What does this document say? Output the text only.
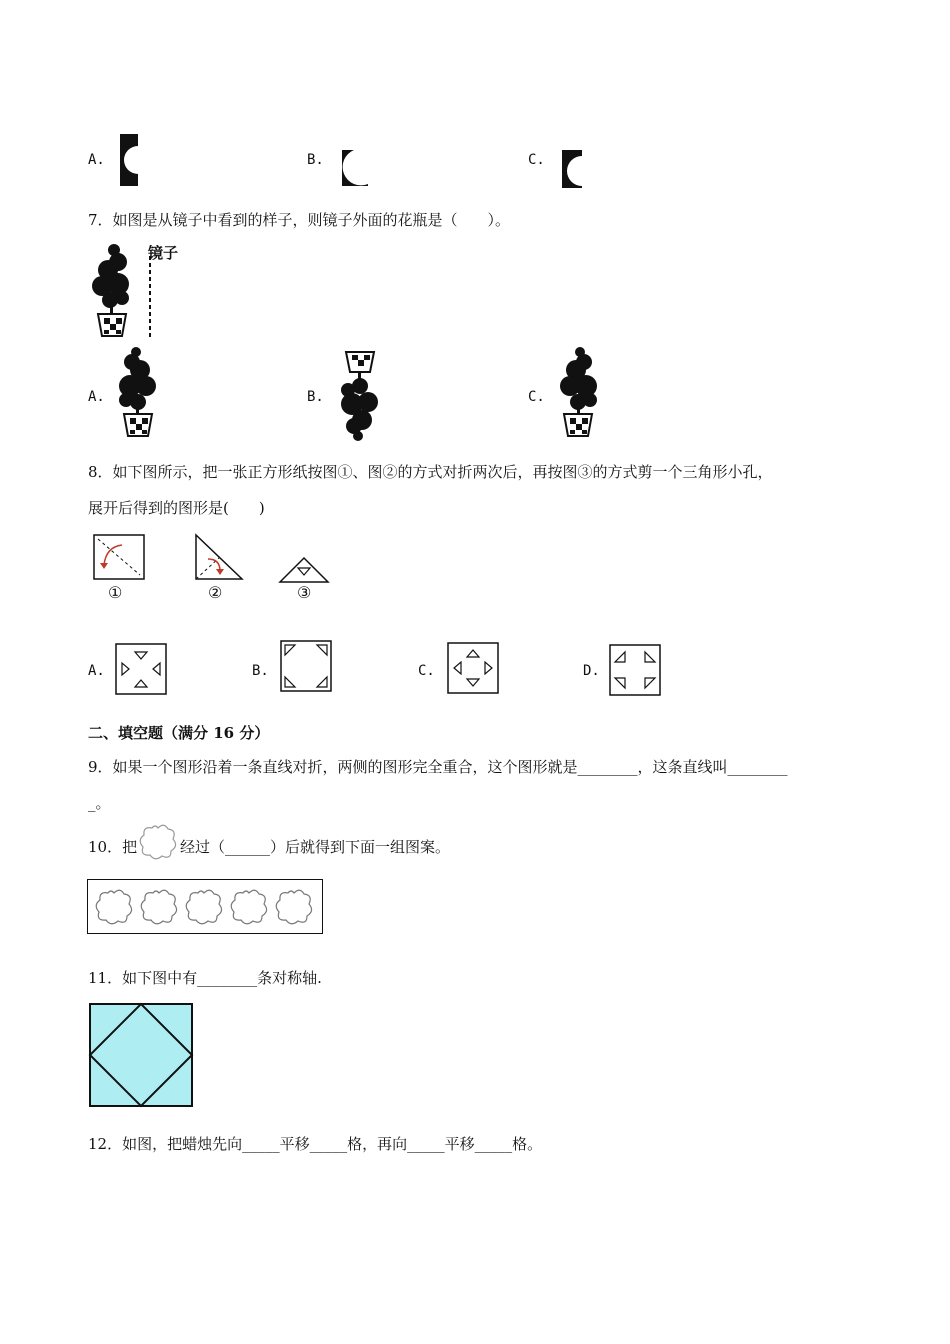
A.	B.	C.
7．如图是从镜子中看到的样子，则镜子外面的花瓶是（　　）。
镜子
A.	B.	C.
8．如下图所示，把一张正方形纸按图①、图②的方式对折两次后，再按图③的方式剪一个三角形小孔，
展开后得到的图形是(　　)
①	②	③
A.	B.	C.	D.
二、填空题（满分 16 分）
9．如果一个图形沿着一条直线对折，两侧的图形完全重合，这个图形就是________，这条直线叫________
_。
10．把	经过（______）后就得到下面一组图案。
11．如下图中有________条对称轴.
12．如图，把蜡烛先向_____平移_____格，再向_____平移_____格。
